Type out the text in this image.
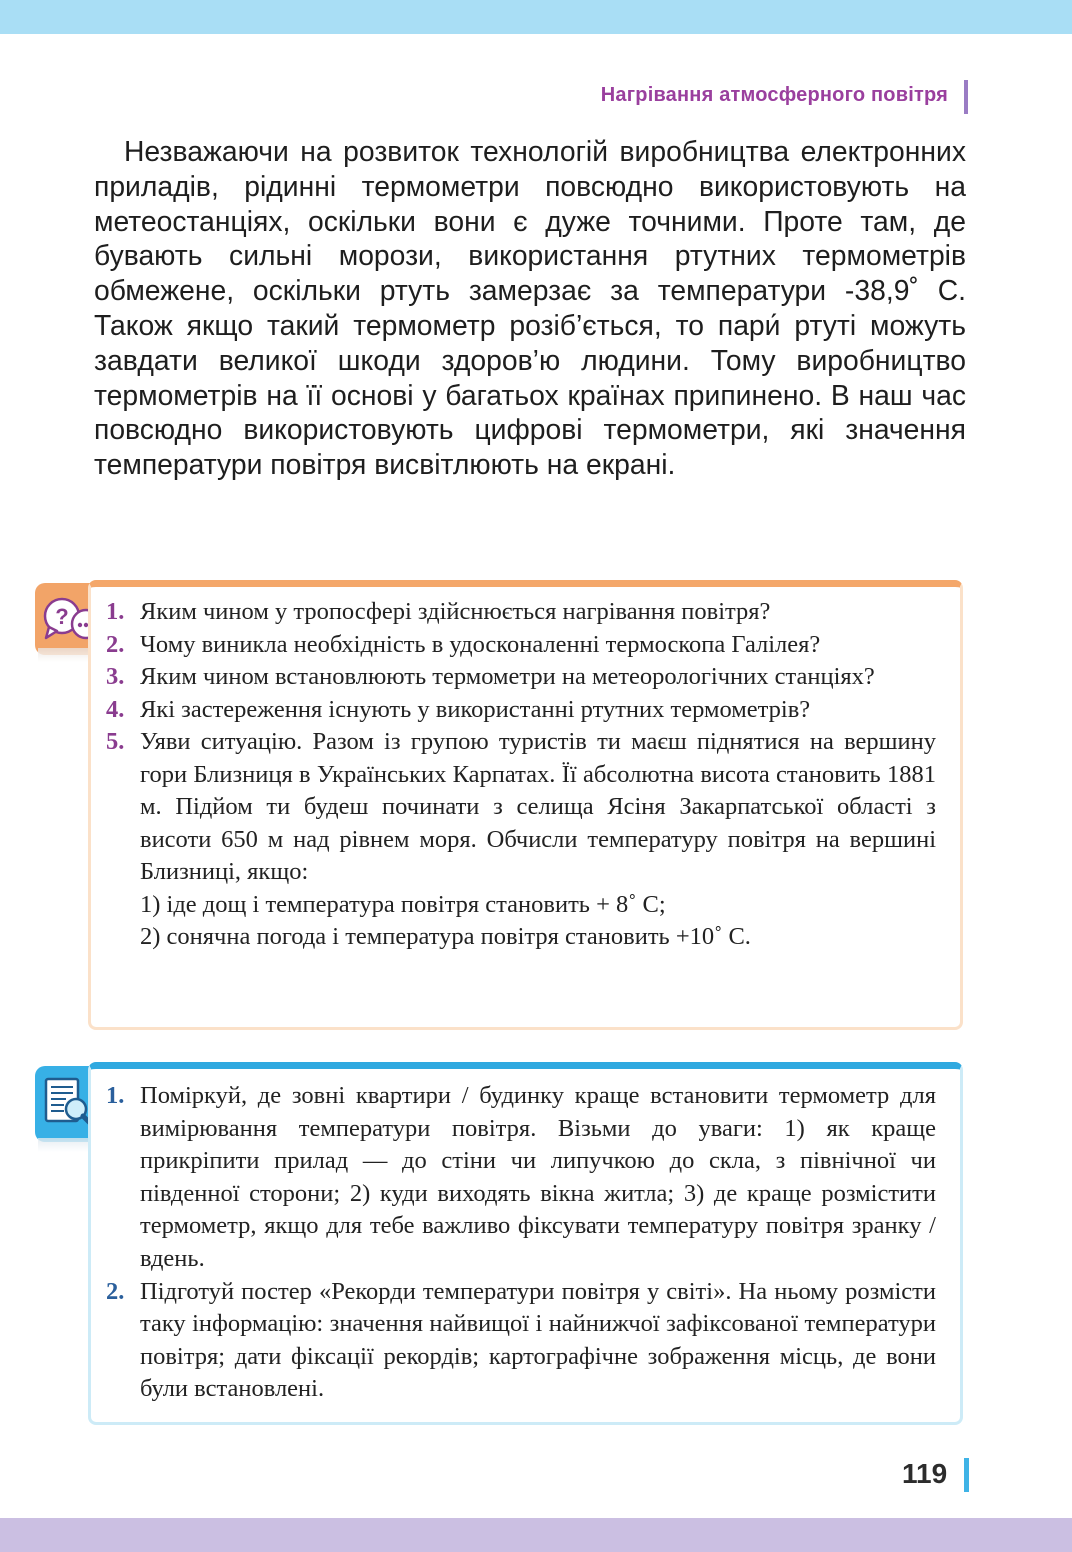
Нагрівання атмосферного повітря

Незважаючи на розвиток технологій виробництва електронних приладів, рідинні термометри повсюдно використовують на метеостанціях, оскільки вони є дуже точними. Проте там, де бувають сильні морози, використання ртутних термометрів обмежене, оскільки ртуть замерзає за температури -38,9˚ С. Також якщо такий термометр розіб’ється, то пари́ ртуті можуть завдати великої шкоди здоров’ю людини. Тому виробництво термометрів на її основі у багатьох країнах припинено. В наш час повсюдно використовують цифрові термометри, які значення температури повітря висвітлюють на екрані.

? 1. Яким чином у тропосфері здійснюється нагрівання повітря?
2. Чому виникла необхідність в удосконаленні термоскопа Галілея?
3. Яким чином встановлюють термометри на метеорологічних станціях?
4. Які застереження існують у використанні ртутних термометрів?
5. Уяви ситуацію. Разом із групою туристів ти маєш піднятися на вершину гори Близниця в Українських Карпатах. Її абсолютна висота становить 1881 м. Підйом ти будеш починати з селища Ясіня Закарпатської області з висоти 650 м над рівнем моря. Обчисли температуру повітря на вершині Близниці, якщо:
1) іде дощ і температура повітря становить + 8˚ С;
2) сонячна погода і температура повітря становить +10˚ С.
1. Поміркуй, де зовні квартири / будинку краще встановити термометр для вимірювання температури повітря. Візьми до уваги: 1) як краще прикріпити прилад — до стіни чи липучкою до скла, з північної чи південної сторони; 2) куди виходять вікна житла; 3) де краще розмістити термометр, якщо для тебе важливо фіксувати температуру повітря зранку / вдень.
2. Підготуй постер «Рекорди температури повітря у світі». На ньому розмісти таку інформацію: значення найвищої і найнижчої зафіксованої температури повітря; дати фіксації рекордів; картографічне зображення місць, де вони були встановлені.
119
